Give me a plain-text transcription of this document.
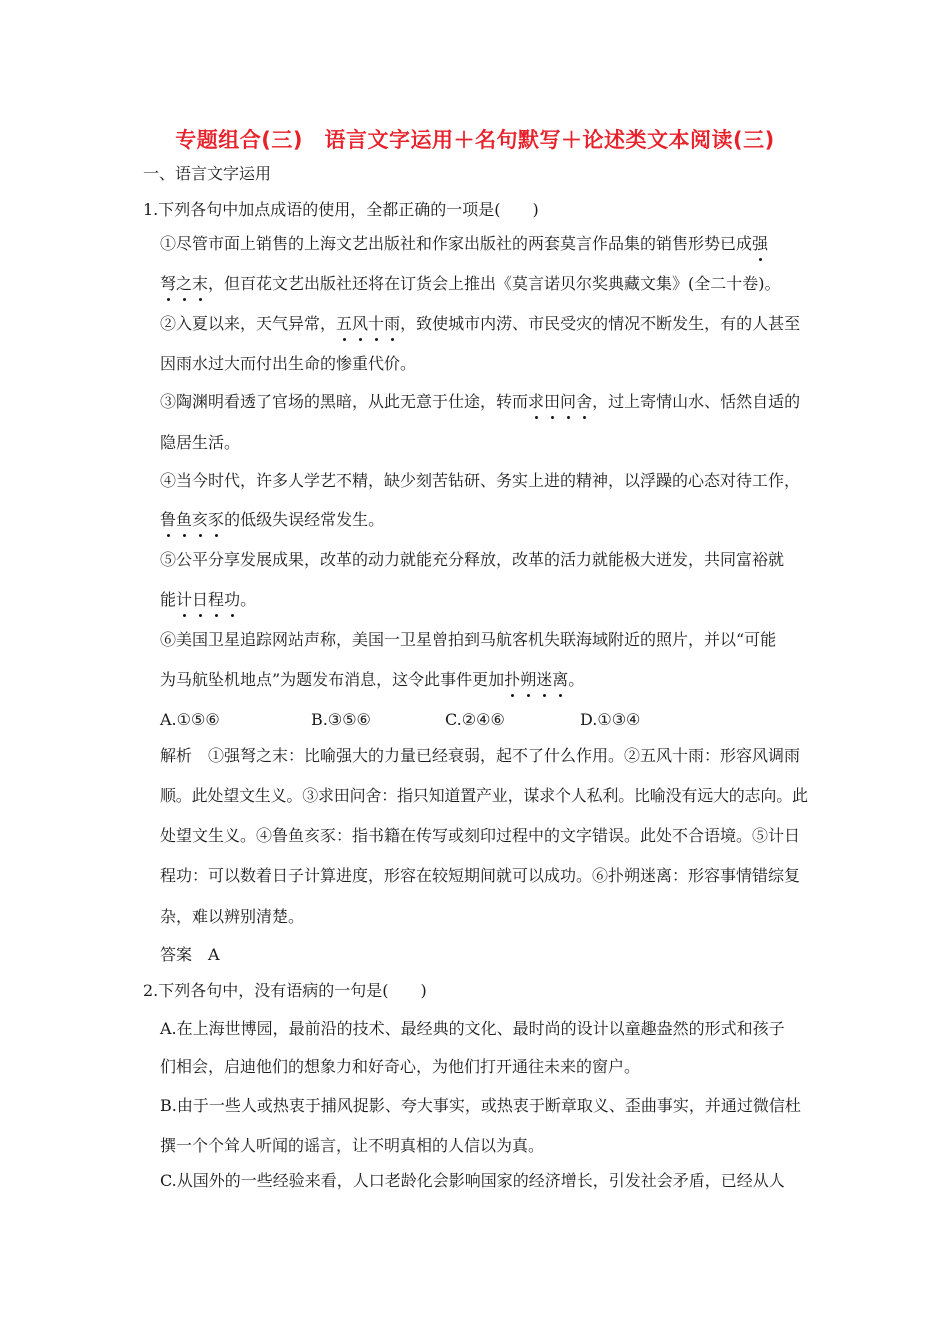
专题组合(三)　语言文字运用＋名句默写＋论述类文本阅读(三)
一、语言文字运用
1.下列各句中加点成语的使用，全都正确的一项是(　　)
①尽管市面上销售的上海文艺出版社和作家出版社的两套莫言作品集的销售形势已成强
弩之末，但百花文艺出版社还将在订货会上推出《莫言诺贝尔奖典藏文集》(全二十卷)。
②入夏以来，天气异常，五风十雨，致使城市内涝、市民受灾的情况不断发生，有的人甚至
因雨水过大而付出生命的惨重代价。
③陶渊明看透了官场的黑暗，从此无意于仕途，转而求田问舍，过上寄情山水、恬然自适的
隐居生活。
④当今时代，许多人学艺不精，缺少刻苦钻研、务实上进的精神，以浮躁的心态对待工作，
鲁鱼亥豕的低级失误经常发生。
⑤公平分享发展成果，改革的动力就能充分释放，改革的活力就能极大迸发，共同富裕就
能计日程功。
⑥美国卫星追踪网站声称，美国一卫星曾拍到马航客机失联海域附近的照片，并以“可能
为马航坠机地点”为题发布消息，这令此事件更加扑朔迷离。
A.①⑤⑥	B.③⑤⑥	C.②④⑥	D.①③④
解析　①强弩之末：比喻强大的力量已经衰弱，起不了什么作用。②五风十雨：形容风调雨
顺。此处望文生义。③求田问舍：指只知道置产业，谋求个人私利。比喻没有远大的志向。此
处望文生义。④鲁鱼亥豕：指书籍在传写或刻印过程中的文字错误。此处不合语境。⑤计日
程功：可以数着日子计算进度，形容在较短期间就可以成功。⑥扑朔迷离：形容事情错综复
杂，难以辨别清楚。
答案　A
2.下列各句中，没有语病的一句是(　　)
A.在上海世博园，最前沿的技术、最经典的文化、最时尚的设计以童趣盎然的形式和孩子
们相会，启迪他们的想象力和好奇心，为他们打开通往未来的窗户。
B.由于一些人或热衷于捕风捉影、夸大事实，或热衷于断章取义、歪曲事实，并通过微信杜
撰一个个耸人听闻的谣言，让不明真相的人信以为真。
C.从国外的一些经验来看，人口老龄化会影响国家的经济增长，引发社会矛盾，已经从人
